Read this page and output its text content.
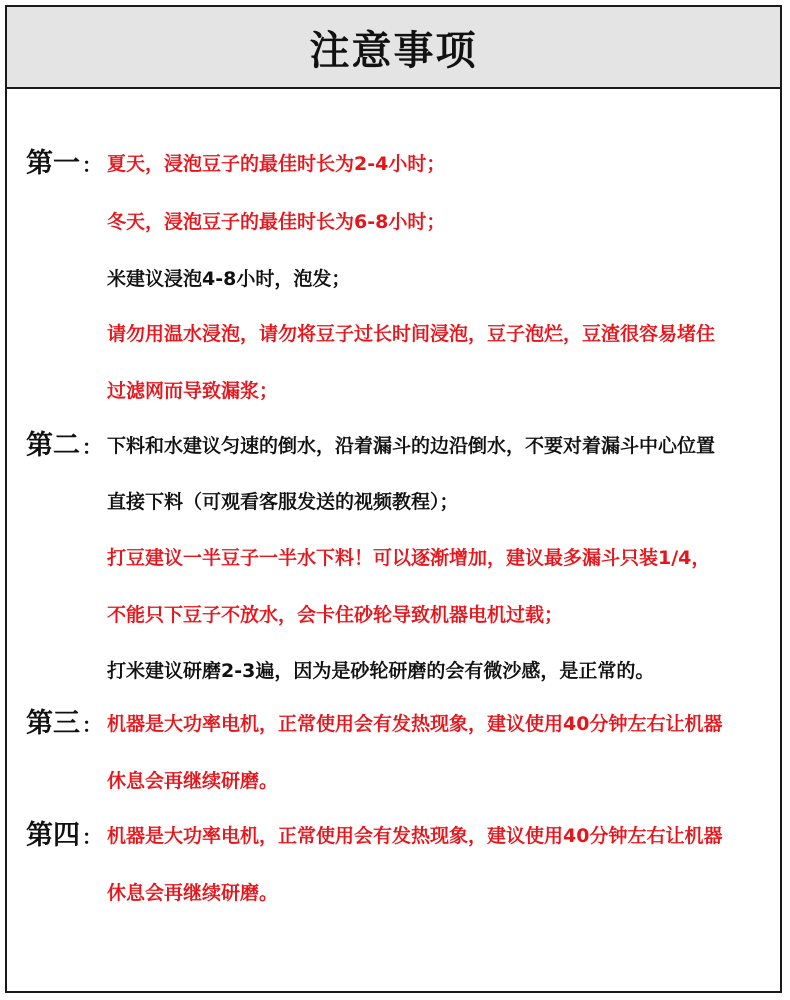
注意事项
第一 ： 夏天，浸泡豆子的最佳时长为2-4小时；
冬天，浸泡豆子的最佳时长为6-8小时；
米建议浸泡4-8小时，泡发；
请勿用温水浸泡，请勿将豆子过长时间浸泡，豆子泡烂，豆渣很容易堵住
过滤网而导致漏浆；
第二 ： 下料和水建议匀速的倒水，沿着漏斗的边沿倒水，不要对着漏斗中心位置
直接下料（可观看客服发送的视频教程）；
打豆建议一半豆子一半水下料！可以逐渐增加，建议最多漏斗只装1/4，
不能只下豆子不放水，会卡住砂轮导致机器电机过载；
打米建议研磨2-3遍，因为是砂轮研磨的会有微沙感，是正常的。
第三 ： 机器是大功率电机，正常使用会有发热现象，建议使用40分钟左右让机器
休息会再继续研磨。
第四 ： 机器是大功率电机，正常使用会有发热现象，建议使用40分钟左右让机器
休息会再继续研磨。
